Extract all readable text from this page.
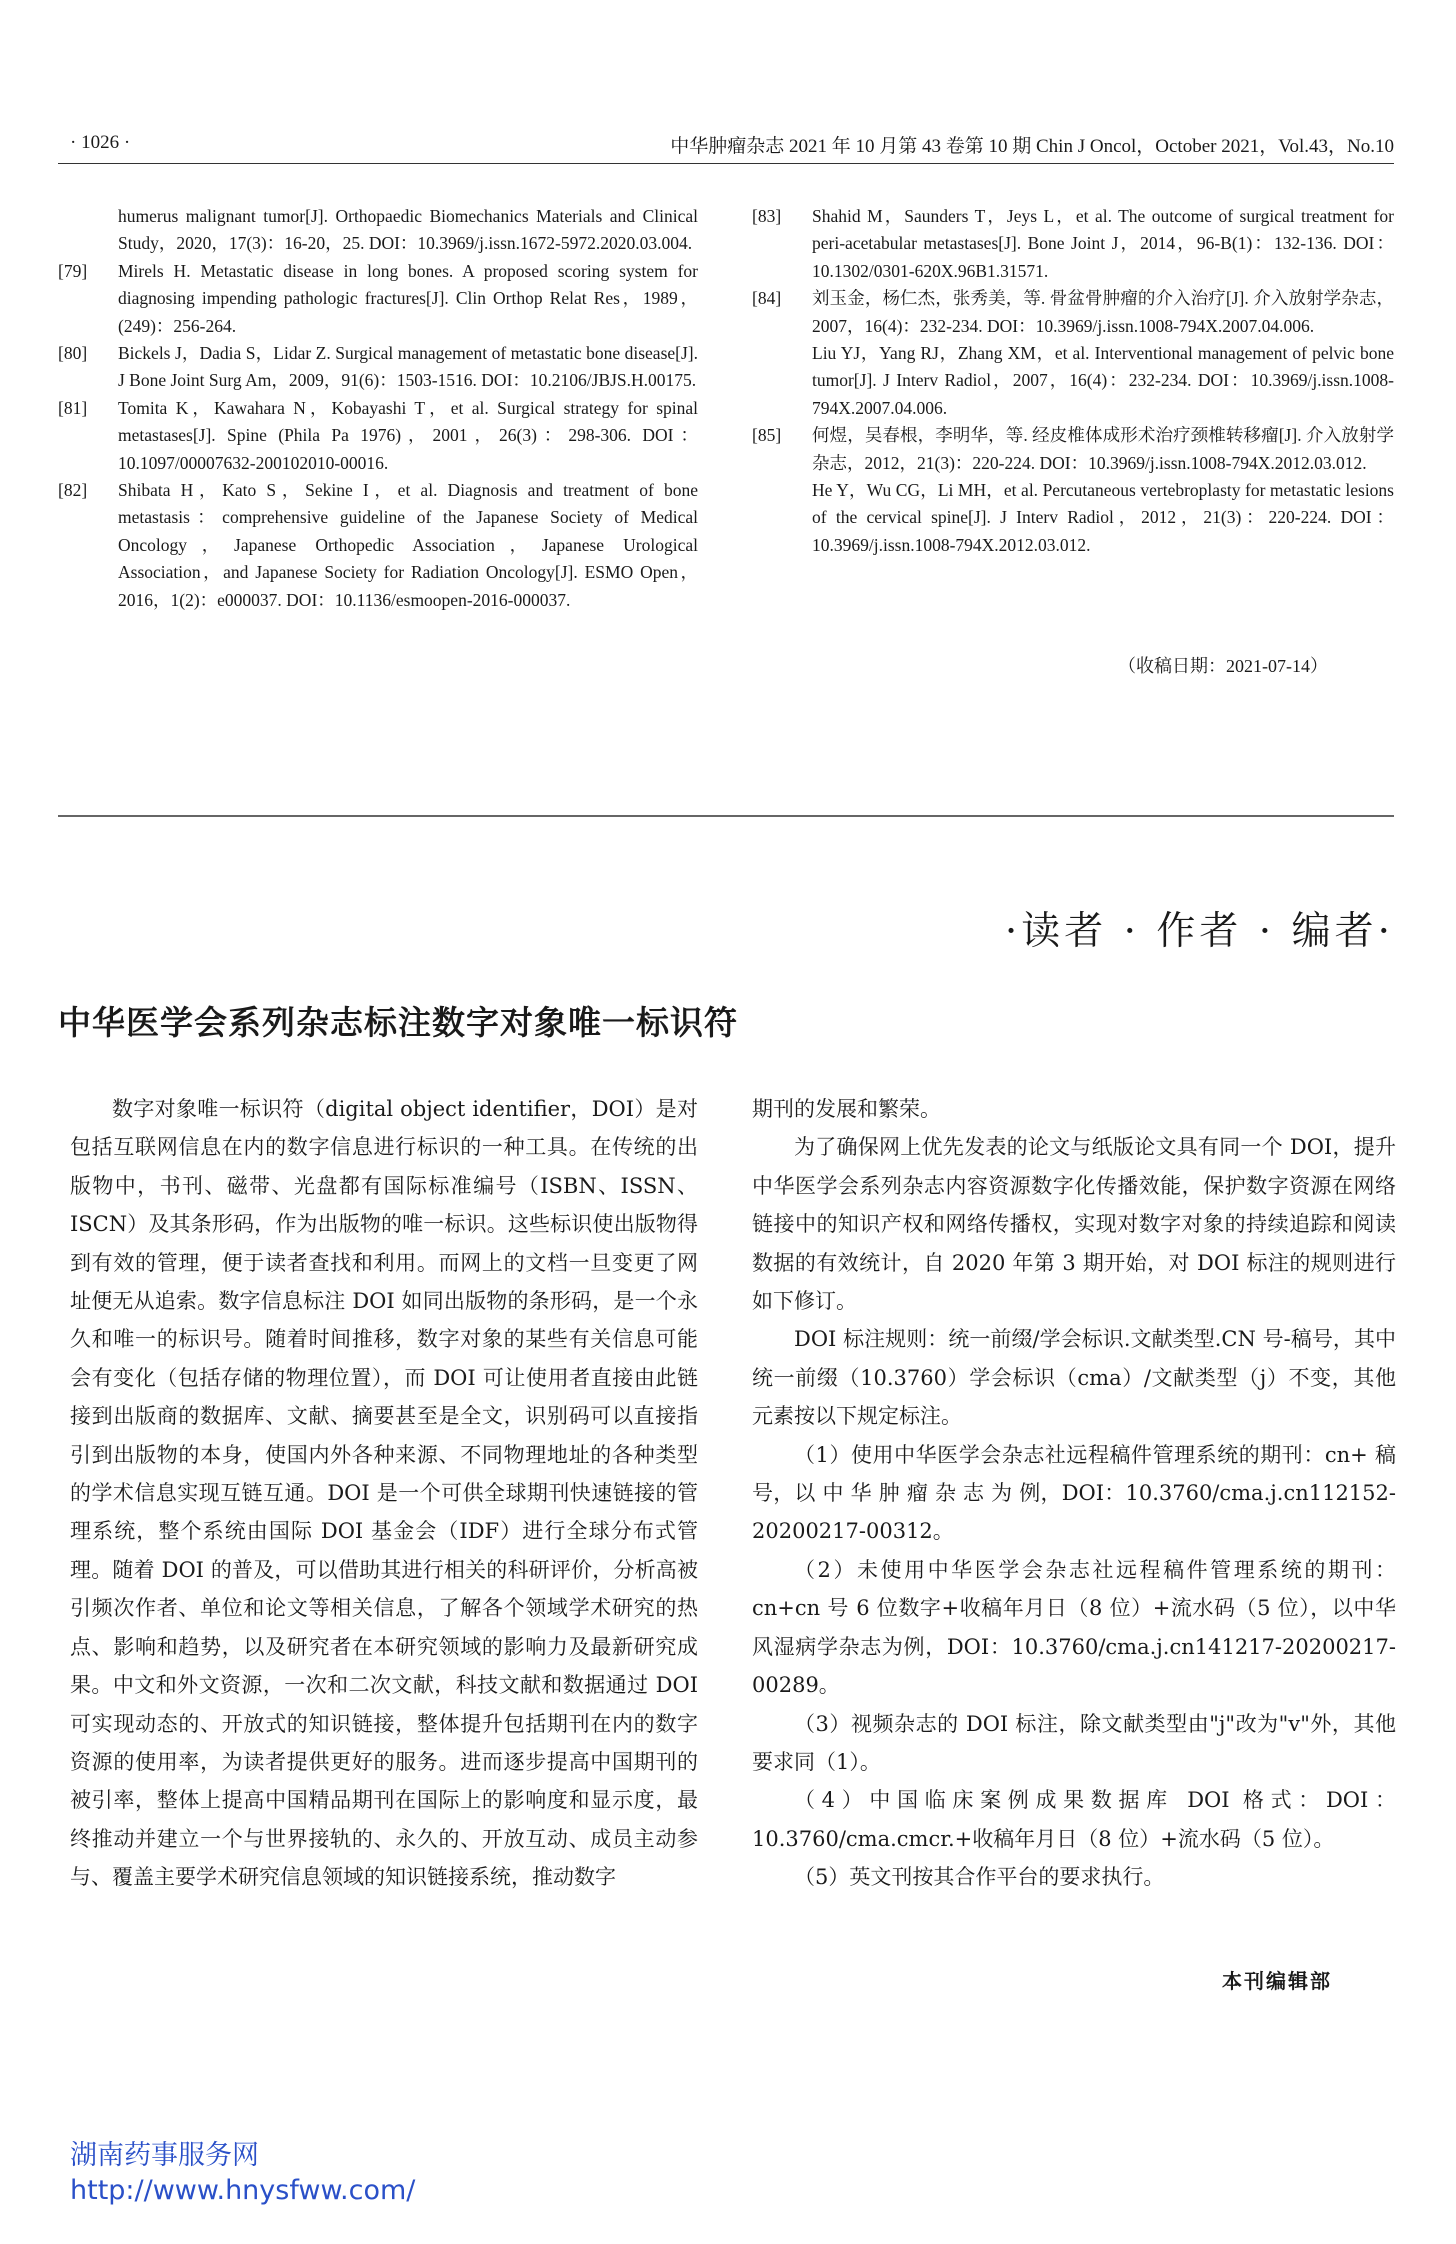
· 1026 ·	中华肿瘤杂志 2021 年 10 月第 43 卷第 10 期 Chin J Oncol，October 2021，Vol.43，No.10
humerus malignant tumor[J]. Orthopaedic Biomechanics Materials and Clinical Study，2020，17(3)：16-20，25. DOI：10.3969/j.issn.1672-5972.2020.03.004.
[79] Mirels H. Metastatic disease in long bones. A proposed scoring system for diagnosing impending pathologic fractures[J]. Clin Orthop Relat Res，1989，(249)：256-264.
[80] Bickels J，Dadia S，Lidar Z. Surgical management of metastatic bone disease[J]. J Bone Joint Surg Am，2009，91(6)：1503-1516. DOI：10.2106/JBJS.H.00175.
[81] Tomita K，Kawahara N，Kobayashi T，et al. Surgical strategy for spinal metastases[J]. Spine (Phila Pa 1976)，2001，26(3)：298-306. DOI：10.1097/00007632-200102010-00016.
[82] Shibata H，Kato S，Sekine I，et al. Diagnosis and treatment of bone metastasis：comprehensive guideline of the Japanese Society of Medical Oncology，Japanese Orthopedic Association，Japanese Urological Association，and Japanese Society for Radiation Oncology[J]. ESMO Open，2016，1(2)：e000037. DOI：10.1136/esmoopen-2016-000037.
[83] Shahid M，Saunders T，Jeys L，et al. The outcome of surgical treatment for peri-acetabular metastases[J]. Bone Joint J，2014，96-B(1)：132-136. DOI：10.1302/0301-620X.96B1.31571.
[84] 刘玉金，杨仁杰，张秀美，等. 骨盆骨肿瘤的介入治疗[J]. 介入放射学杂志，2007，16(4)：232-234. DOI：10.3969/j.issn.1008-794X.2007.04.006.
Liu YJ，Yang RJ，Zhang XM，et al. Interventional management of pelvic bone tumor[J]. J Interv Radiol，2007，16(4)：232-234. DOI：10.3969/j.issn.1008-794X.2007.04.006.
[85] 何煜，吴春根，李明华，等. 经皮椎体成形术治疗颈椎转移瘤[J]. 介入放射学杂志，2012，21(3)：220-224. DOI：10.3969/j.issn.1008-794X.2012.03.012.
He Y，Wu CG，Li MH，et al. Percutaneous vertebroplasty for metastatic lesions of the cervical spine[J]. J Interv Radiol，2012，21(3)：220-224. DOI：10.3969/j.issn.1008-794X.2012.03.012.
（收稿日期：2021-07-14）
·读者 · 作者 · 编者·
中华医学会系列杂志标注数字对象唯一标识符

数字对象唯一标识符（digital object identifier，DOI）是对包括互联网信息在内的数字信息进行标识的一种工具。在传统的出版物中，书刊、磁带、光盘都有国际标准编号（ISBN、ISSN、ISCN）及其条形码，作为出版物的唯一标识。这些标识使出版物得到有效的管理，便于读者查找和利用。而网上的文档一旦变更了网址便无从追索。数字信息标注 DOI 如同出版物的条形码，是一个永久和唯一的标识号。随着时间推移，数字对象的某些有关信息可能会有变化（包括存储的物理位置），而 DOI 可让使用者直接由此链接到出版商的数据库、文献、摘要甚至是全文，识别码可以直接指引到出版物的本身，使国内外各种来源、不同物理地址的各种类型的学术信息实现互链互通。DOI 是一个可供全球期刊快速链接的管理系统，整个系统由国际 DOI 基金会（IDF）进行全球分布式管理。随着 DOI 的普及，可以借助其进行相关的科研评价，分析高被引频次作者、单位和论文等相关信息，了解各个领域学术研究的热点、影响和趋势，以及研究者在本研究领域的影响力及最新研究成果。中文和外文资源，一次和二次文献，科技文献和数据通过 DOI 可实现动态的、开放式的知识链接，整体提升包括期刊在内的数字资源的使用率，为读者提供更好的服务。进而逐步提高中国期刊的被引率，整体上提高中国精品期刊在国际上的影响度和显示度，最终推动并建立一个与世界接轨的、永久的、开放互动、成员主动参与、覆盖主要学术研究信息领域的知识链接系统，推动数字

期刊的发展和繁荣。

为了确保网上优先发表的论文与纸版论文具有同一个 DOI，提升中华医学会系列杂志内容资源数字化传播效能，保护数字资源在网络链接中的知识产权和网络传播权，实现对数字对象的持续追踪和阅读数据的有效统计，自 2020 年第 3 期开始，对 DOI 标注的规则进行如下修订。

DOI 标注规则：统一前缀/学会标识.文献类型.CN 号-稿号，其中统一前缀（10.3760）学会标识（cma）/文献类型（j）不变，其他元素按以下规定标注。

（1）使用中华医学会杂志社远程稿件管理系统的期刊：cn+ 稿 号，以 中 华 肿 瘤 杂 志 为 例，DOI：10.3760/cma.j.cn112152-20200217-00312。

（2）未使用中华医学会杂志社远程稿件管理系统的期刊：cn+cn 号 6 位数字+收稿年月日（8 位）+流水码（5 位），以中华风湿病学杂志为例，DOI：10.3760/cma.j.cn141217-20200217-00289。

（3）视频杂志的 DOI 标注，除文献类型由"j"改为"v"外，其他要求同（1）。

（4）中国临床案例成果数据库 DOI 格式：DOI：10.3760/cma.cmcr.+收稿年月日（8 位）+流水码（5 位）。

（5）英文刊按其合作平台的要求执行。

本刊编辑部
湖南药事服务网
http://www.hnysfww.com/
